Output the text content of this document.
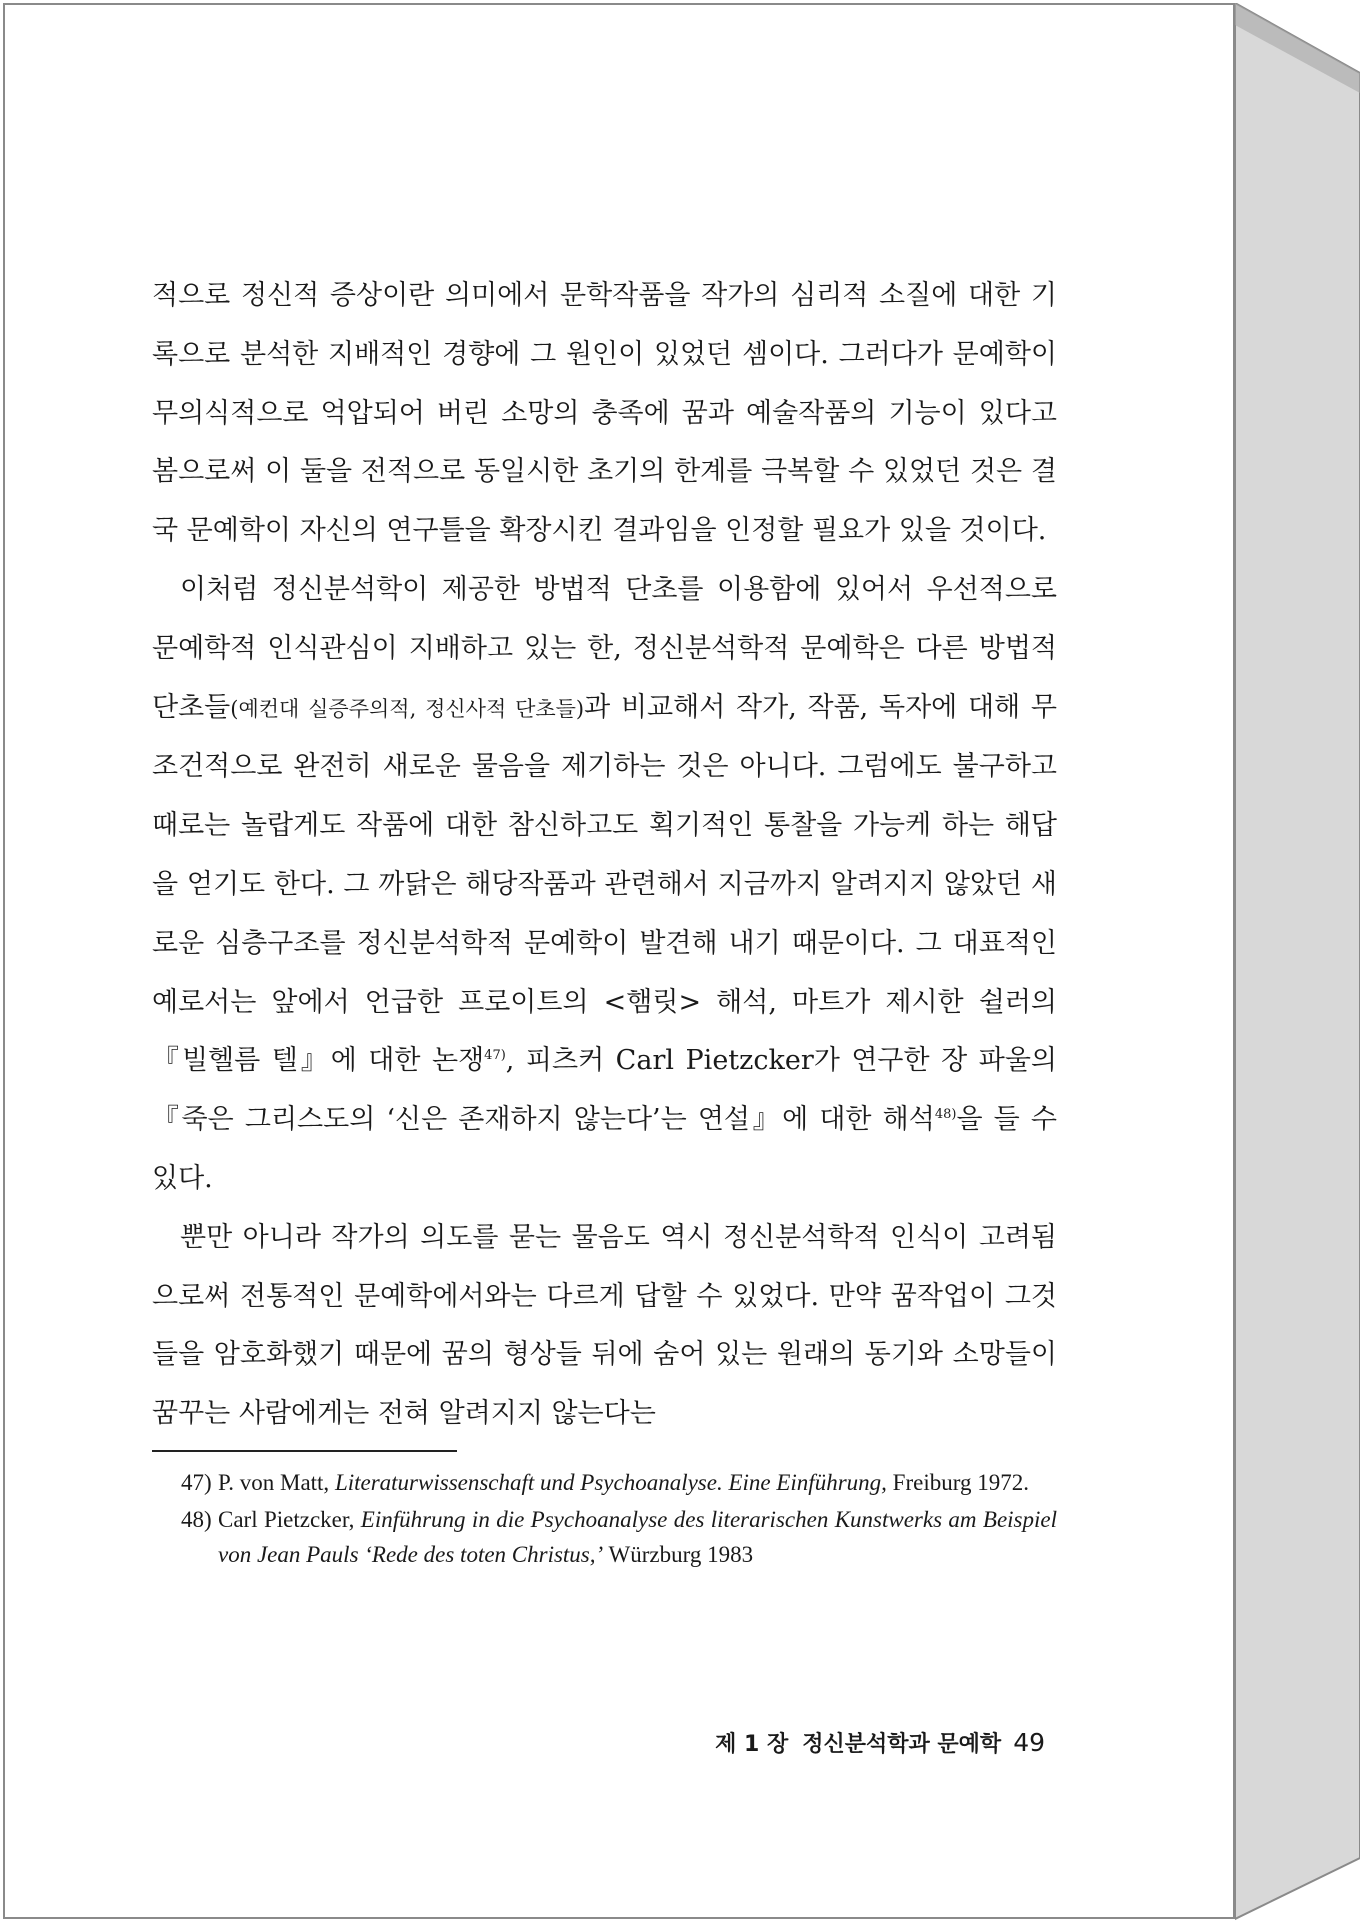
적으로 정신적 증상이란 의미에서 문학작품을 작가의 심리적 소질에 대한 기록으로 분석한 지배적인 경향에 그 원인이 있었던 셈이다. 그러다가 문예학이 무의식적으로 억압되어 버린 소망의 충족에 꿈과 예술작품의 기능이 있다고 봄으로써 이 둘을 전적으로 동일시한 초기의 한계를 극복할 수 있었던 것은 결국 문예학이 자신의 연구틀을 확장시킨 결과임을 인정할 필요가 있을 것이다.

이처럼 정신분석학이 제공한 방법적 단초를 이용함에 있어서 우선적으로 문예학적 인식관심이 지배하고 있는 한, 정신분석학적 문예학은 다른 방법적 단초들(예컨대 실증주의적, 정신사적 단초들)과 비교해서 작가, 작품, 독자에 대해 무조건적으로 완전히 새로운 물음을 제기하는 것은 아니다. 그럼에도 불구하고 때로는 놀랍게도 작품에 대한 참신하고도 획기적인 통찰을 가능케 하는 해답을 얻기도 한다. 그 까닭은 해당작품과 관련해서 지금까지 알려지지 않았던 새로운 심층구조를 정신분석학적 문예학이 발견해 내기 때문이다. 그 대표적인 예로서는 앞에서 언급한 프로이트의 <햄릿> 해석, 마트가 제시한 쉴러의 『빌헬름 텔』에 대한 논쟁$^{47)}$, 피츠커 Carl Pietzcker가 연구한 장 파울의 『죽은 그리스도의 ‘신은 존재하지 않는다’는 연설』에 대한 해석$^{48)}$을 들 수 있다.

뿐만 아니라 작가의 의도를 묻는 물음도 역시 정신분석학적 인식이 고려됨으로써 전통적인 문예학에서와는 다르게 답할 수 있었다. 만약 꿈작업이 그것들을 암호화했기 때문에 꿈의 형상들 뒤에 숨어 있는 원래의 동기와 소망들이 꿈꾸는 사람에게는 전혀 알려지지 않는다는

47) P. von Matt, Literaturwissenschaft und Psychoanalyse. Eine Einführung, Freiburg 1972.
48) Carl Pietzcker, Einführung in die Psychoanalyse des literarischen Kunstwerks am Beispiel von Jean Pauls ‘Rede des toten Christus,’ Würzburg 1983
제 1 장 정신분석학과 문예학 49
